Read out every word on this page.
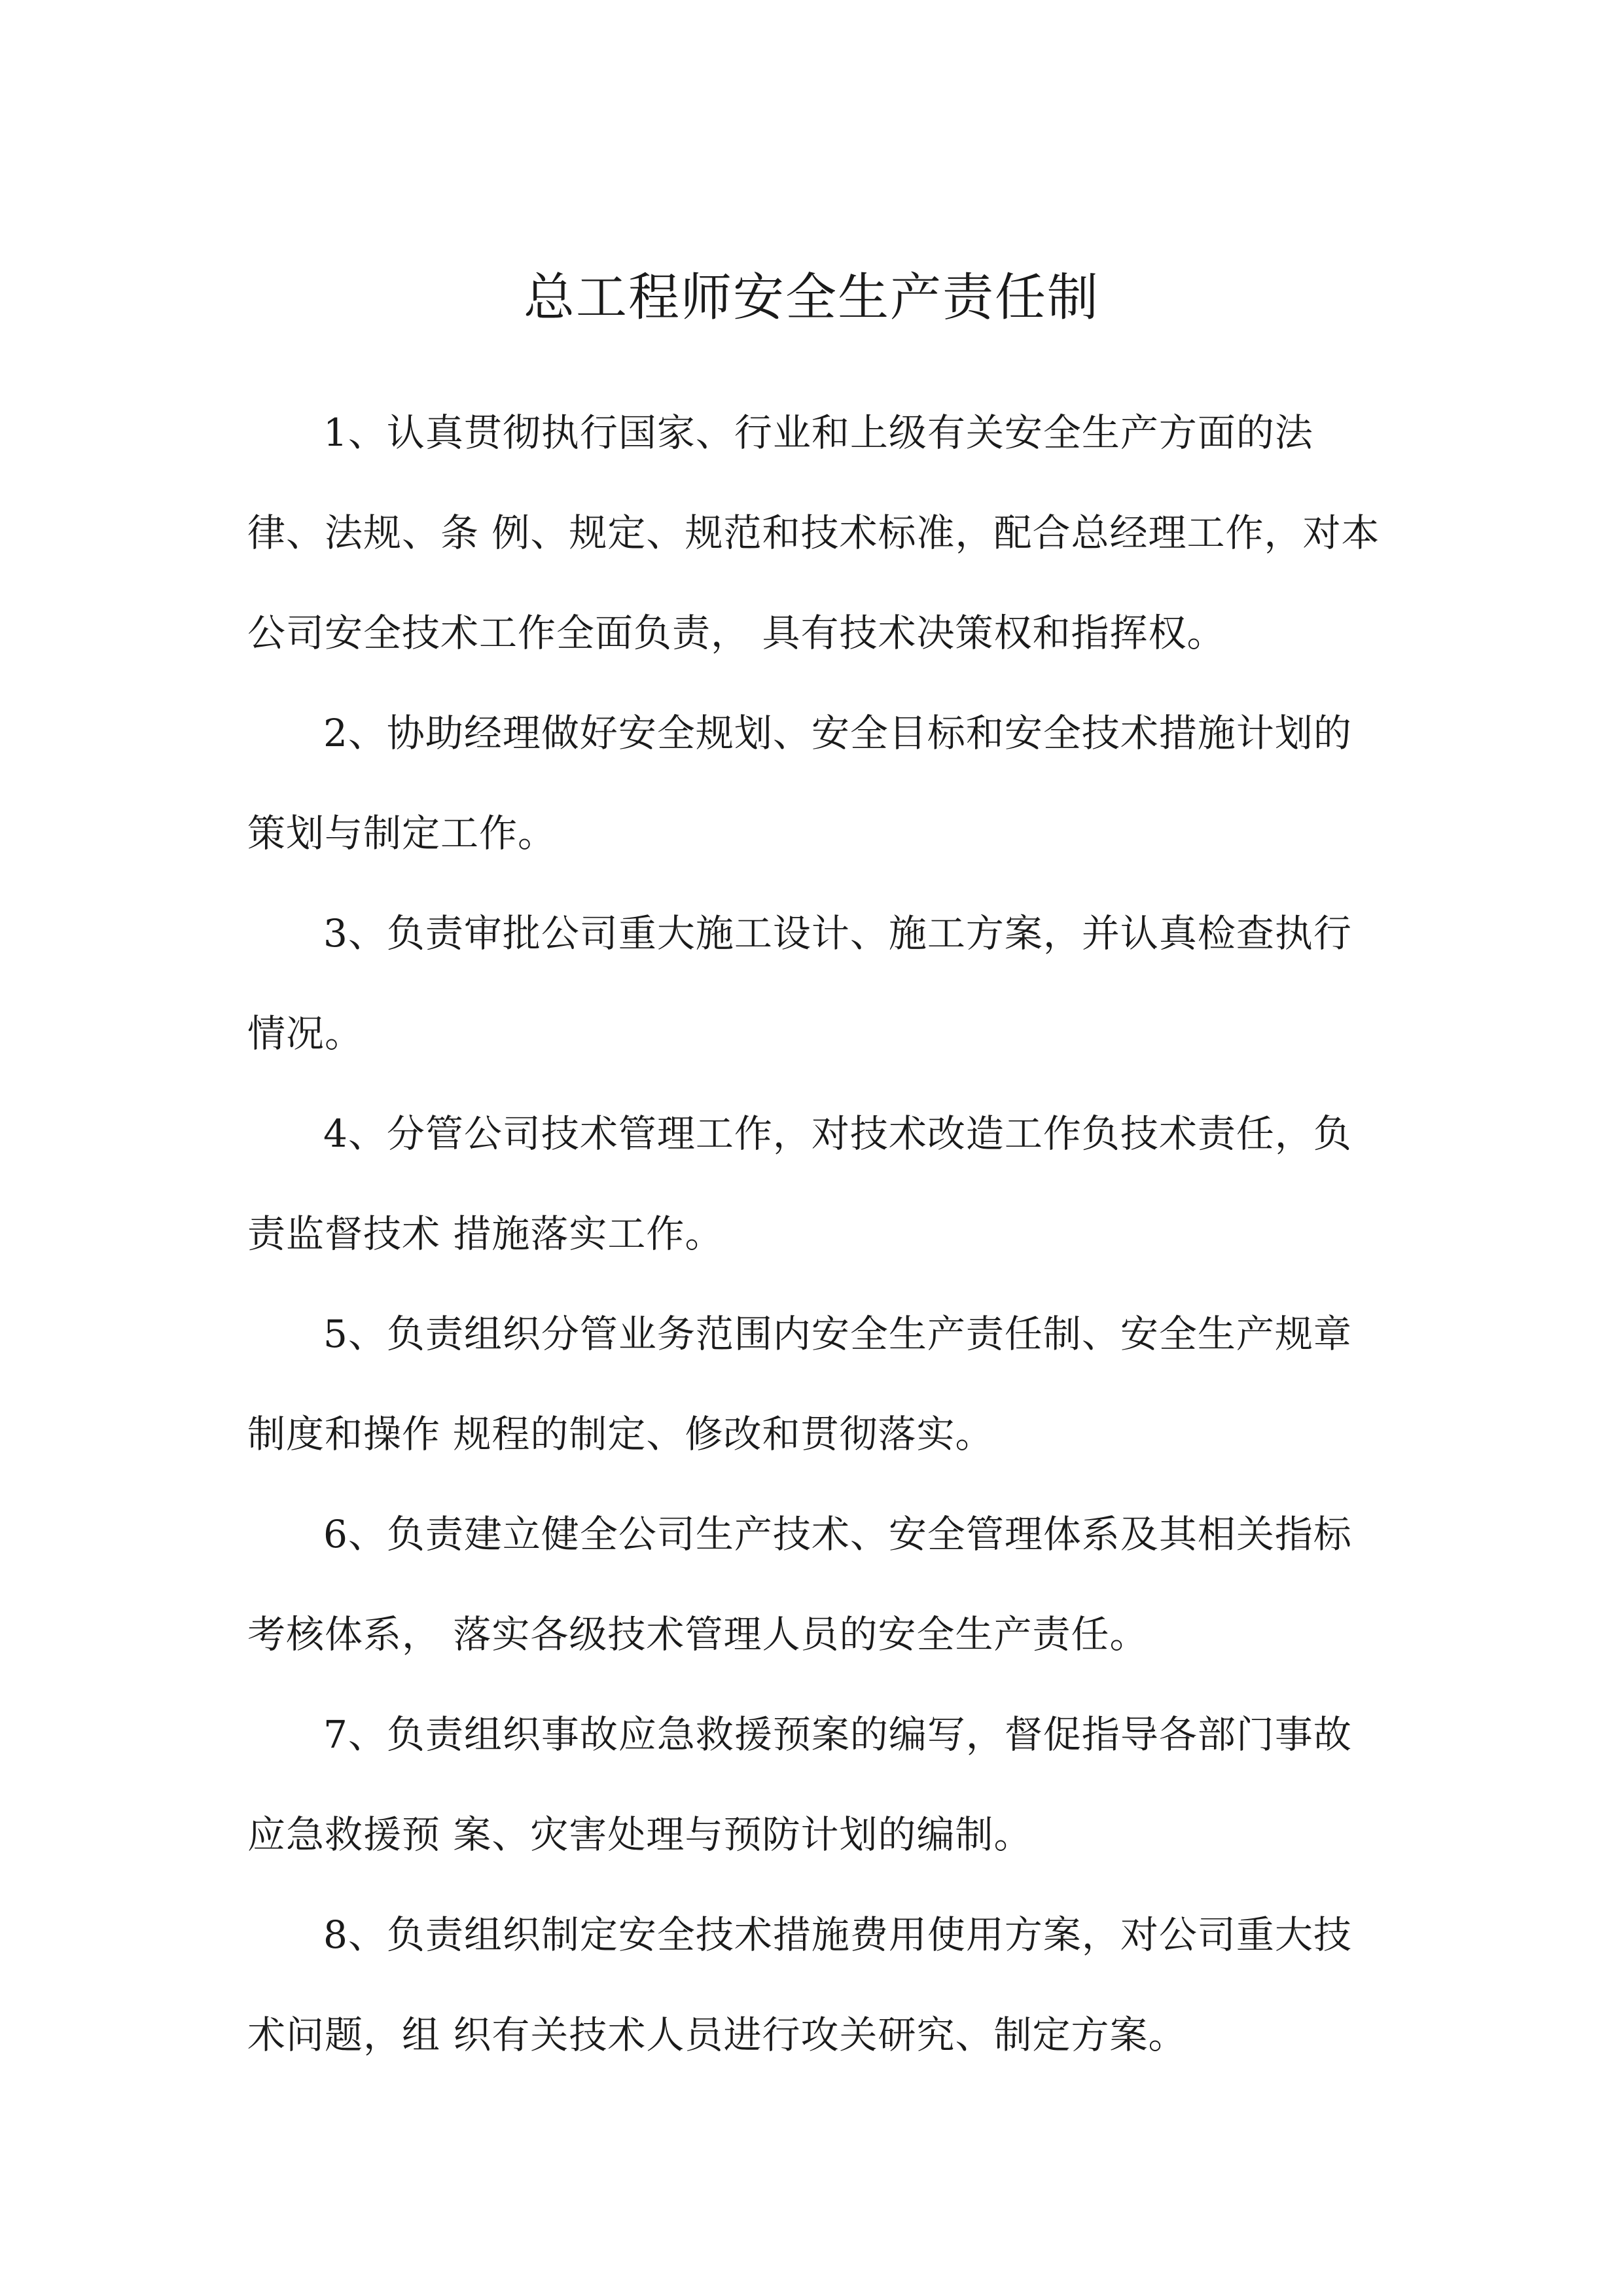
总工程师安全生产责任制

1、认真贯彻执行国家、行业和上级有关安全生产方面的法律、法规、条 例、规定、规范和技术标准，配合总经理工作，对本公司安全技术工作全面负责， 具有技术决策权和指挥权。

2、协助经理做好安全规划、安全目标和安全技术措施计划的策划与制定工作。

3、负责审批公司重大施工设计、施工方案，并认真检查执行情况。

4、分管公司技术管理工作，对技术改造工作负技术责任，负责监督技术 措施落实工作。

5、负责组织分管业务范围内安全生产责任制、安全生产规章制度和操作 规程的制定、修改和贯彻落实。

6、负责建立健全公司生产技术、安全管理体系及其相关指标考核体系， 落实各级技术管理人员的安全生产责任。

7、负责组织事故应急救援预案的编写，督促指导各部门事故应急救援预 案、灾害处理与预防计划的编制。

8、负责组织制定安全技术措施费用使用方案，对公司重大技术问题，组 织有关技术人员进行攻关研究、制定方案。
